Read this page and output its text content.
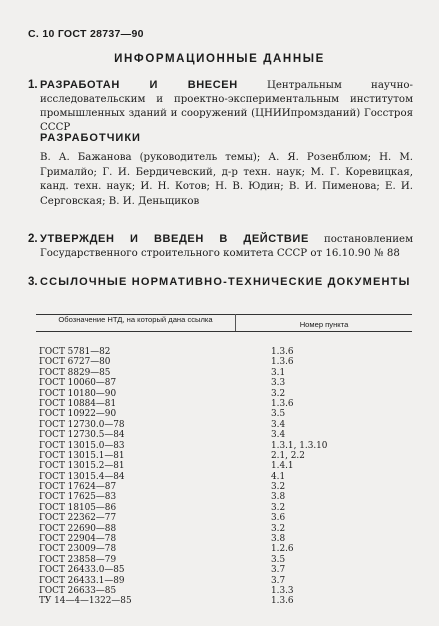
С. 10 ГОСТ 28737—90
ИНФОРМАЦИОННЫЕ ДАННЫЕ
1. РАЗРАБОТАН И ВНЕСЕН	Центральным научно-исследовательским и проектно-экспериментальным институтом промышленных зданий и сооружений (ЦНИИпромзданий) Госстроя СССР
РАЗРАБОТЧИКИ
В. А. Бажанова (руководитель темы); А. Я. Розенблюм; Н. М. Грималйо; Г. И. Бердичевский, д-р техн. наук; М. Г. Коревицкая, канд. техн. наук; И. Н. Котов; Н. В. Юдин; В. И. Пименова; Е. И. Серговская; В. И. Деньщиков
2. УТВЕРЖДЕН И ВВЕДЕН В ДЕЙСТВИЕ постановлением Государственного строительного комитета СССР от 16.10.90 № 88
3. ССЫЛОЧНЫЕ НОРМАТИВНО-ТЕХНИЧЕСКИЕ ДОКУМЕНТЫ
Обозначение НТД, на который дана ссылка
Номер пункта
ГОСТ 5781—82	1.3.6
ГОСТ 6727—80	1.3.6
ГОСТ 8829—85	3.1
ГОСТ 10060—87	3.3
ГОСТ 10180—90	3.2
ГОСТ 10884—81	1.3.6
ГОСТ 10922—90	3.5
ГОСТ 12730.0—78	3.4
ГОСТ 12730.5—84	3.4
ГОСТ 13015.0—83	1.3.1, 1.3.10
ГОСТ 13015.1—81	2.1, 2.2
ГОСТ 13015.2—81	1.4.1
ГОСТ 13015.4—84	4.1
ГОСТ 17624—87	3.2
ГОСТ 17625—83	3.8
ГОСТ 18105—86	3.2
ГОСТ 22362—77	3.6
ГОСТ 22690—88	3.2
ГОСТ 22904—78	3.8
ГОСТ 23009—78	1.2.6
ГОСТ 23858—79	3.5
ГОСТ 26433.0—85	3.7
ГОСТ 26433.1—89	3.7
ГОСТ 26633—85	1.3.3
ТУ 14—4—1322—85	1.3.6
